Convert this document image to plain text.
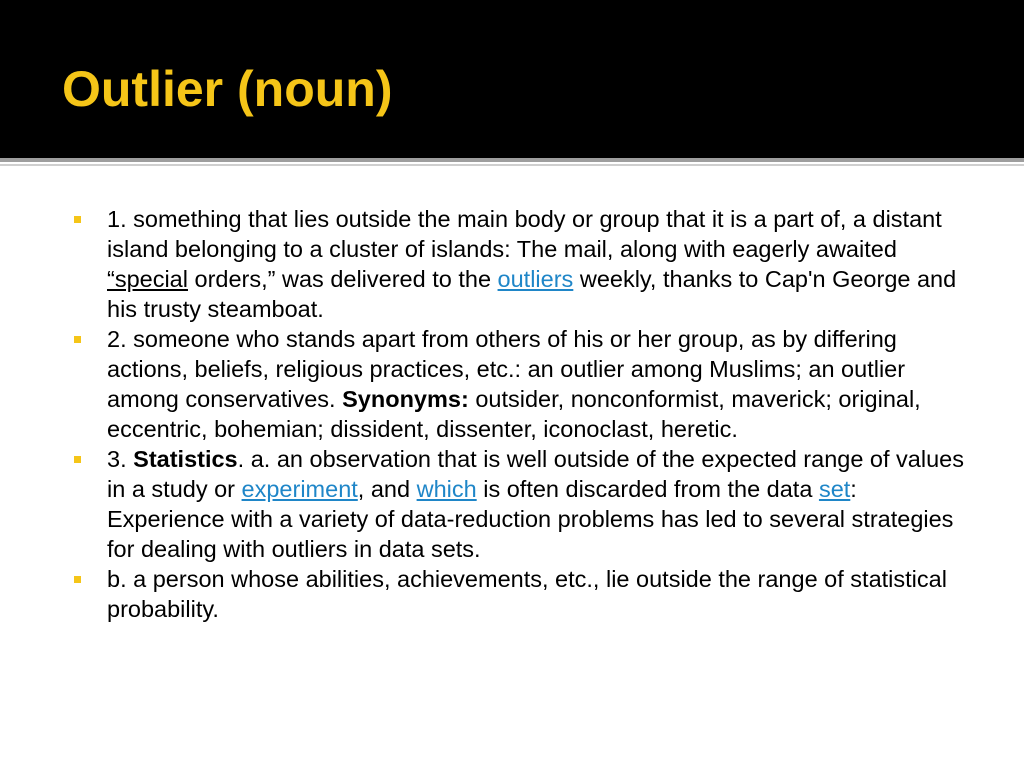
Outlier (noun)
1. something that lies outside the main body or group that it is a part of, a distant island belonging to a cluster of islands: The mail, along with eagerly awaited “special orders,” was delivered to the outliers weekly, thanks to Cap'n George and his trusty steamboat.
2. someone who stands apart from others of his or her group, as by differing actions, beliefs, religious practices, etc.: an outlier among Muslims; an outlier among conservatives. Synonyms: outsider, nonconformist, maverick; original, eccentric, bohemian; dissident, dissenter, iconoclast, heretic.
3. Statistics. a. an observation that is well outside of the expected range of values in a study or experiment, and which is often discarded from the data set: Experience with a variety of data-reduction problems has led to several strategies for dealing with outliers in data sets.
b. a person whose abilities, achievements, etc., lie outside the range of statistical probability.
